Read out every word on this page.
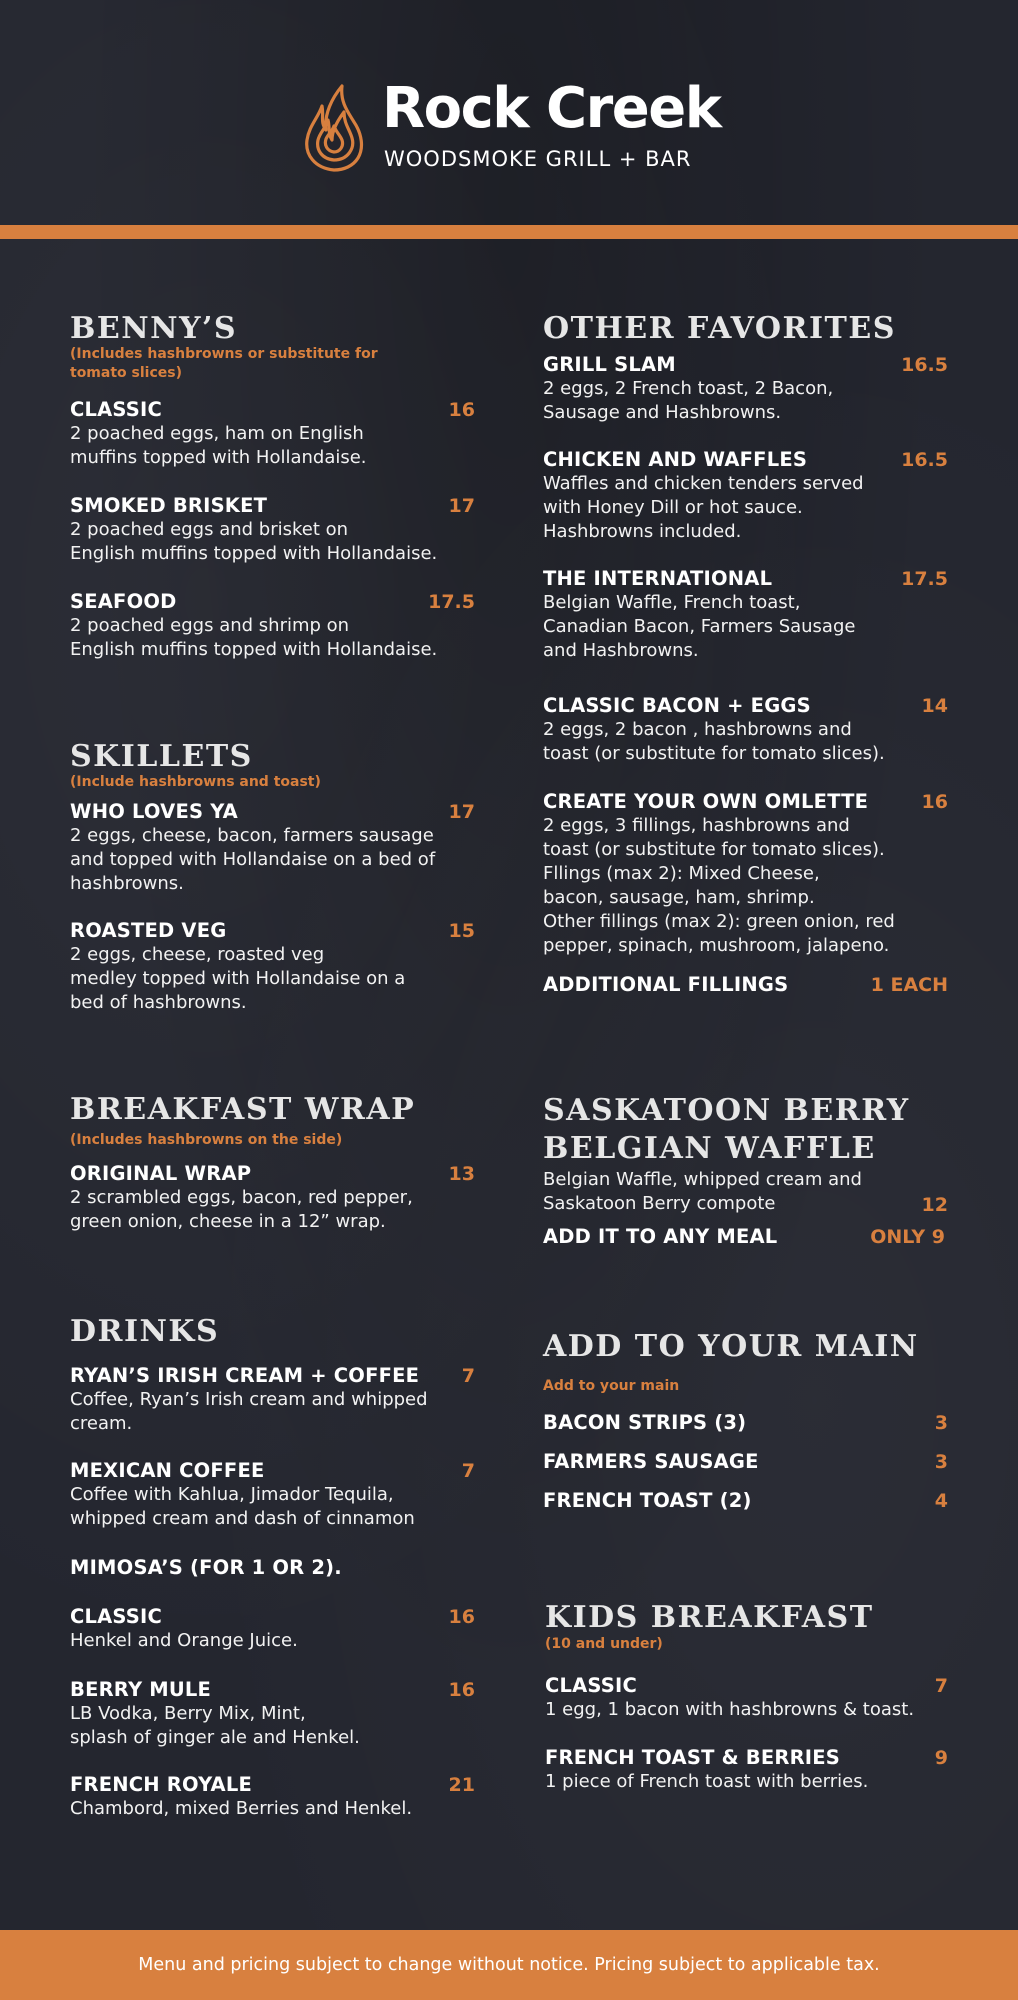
Rock Creek
WOODSMOKE GRILL + BAR
BENNY’S
(Includes hashbrowns or substitute for tomato slices)
CLASSIC	16
2 poached eggs, ham on English
muffins topped with Hollandaise.
SMOKED BRISKET	17
2 poached eggs and brisket on
English muffins topped with Hollandaise.
SEAFOOD	17.5
2 poached eggs and shrimp on
English muffins topped with Hollandaise.
SKILLETS
(Include hashbrowns and toast)
WHO LOVES YA	17
2 eggs, cheese, bacon, farmers sausage
and topped with Hollandaise on a bed of
hashbrowns.
ROASTED VEG	15
2 eggs, cheese, roasted veg
medley topped with Hollandaise on a
bed of hashbrowns.
BREAKFAST WRAP
(Includes hashbrowns on the side)
ORIGINAL WRAP	13
2 scrambled eggs, bacon, red pepper,
green onion, cheese in a 12” wrap.
DRINKS
RYAN’S IRISH CREAM + COFFEE	7
Coffee, Ryan’s Irish cream and whipped
cream.
MEXICAN COFFEE	7
Coffee with Kahlua, Jimador Tequila,
whipped cream and dash of cinnamon
MIMOSA’S (FOR 1 OR 2).
CLASSIC	16
Henkel and Orange Juice.
BERRY MULE	16
LB Vodka, Berry Mix, Mint,
splash of ginger ale and Henkel.
FRENCH ROYALE	21
Chambord, mixed Berries and Henkel.
OTHER FAVORITES
GRILL SLAM	16.5
2 eggs, 2 French toast, 2 Bacon,
Sausage and Hashbrowns.
CHICKEN AND WAFFLES	16.5
Waffles and chicken tenders served
with Honey Dill or hot sauce.
Hashbrowns included.
THE INTERNATIONAL	17.5
Belgian Waffle, French toast,
Canadian Bacon, Farmers Sausage
and Hashbrowns.
CLASSIC BACON + EGGS	14
2 eggs, 2 bacon , hashbrowns and
toast (or substitute for tomato slices).
CREATE YOUR OWN OMLETTE	16
2 eggs, 3 fillings, hashbrowns and
toast (or substitute for tomato slices).
Fllings (max 2): Mixed Cheese,
bacon, sausage, ham, shrimp.
Other fillings (max 2): green onion, red
pepper, spinach, mushroom, jalapeno.
ADDITIONAL FILLINGS	1 EACH
SASKATOON BERRY
BELGIAN WAFFLE
Belgian Waffle, whipped cream and
Saskatoon Berry compote	12
ADD IT TO ANY MEAL	ONLY 9
ADD TO YOUR MAIN
Add to your main
BACON STRIPS (3)	3
FARMERS SAUSAGE	3
FRENCH TOAST (2)	4
KIDS BREAKFAST
(10 and under)
CLASSIC	7
1 egg, 1 bacon with hashbrowns & toast.
FRENCH TOAST & BERRIES	9
1 piece of French toast with berries.
Menu and pricing subject to change without notice. Pricing subject to applicable tax.
